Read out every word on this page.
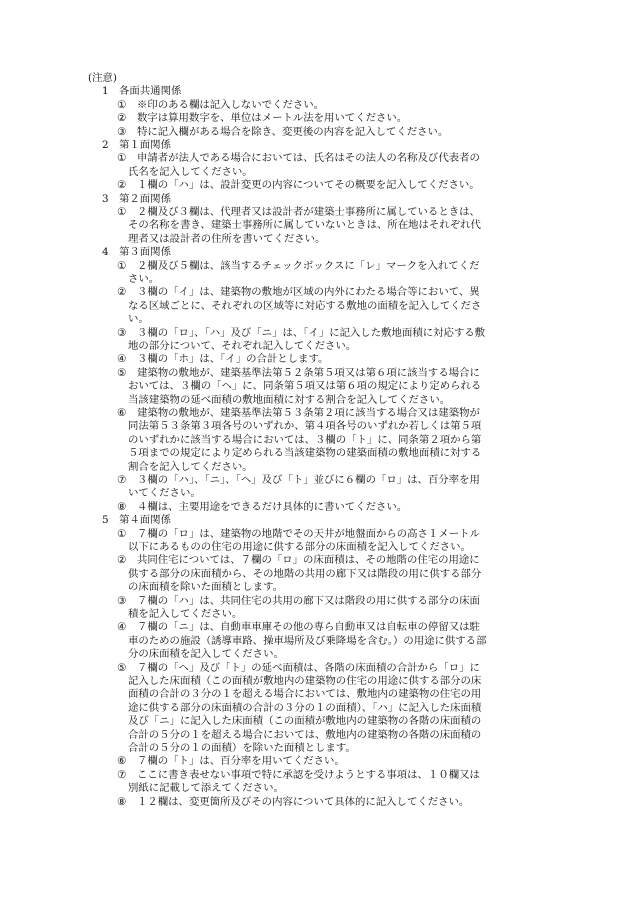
(注意)
1　各面共通関係
① ※印のある欄は記入しないでください。
② 数字は算用数字を、単位はメートル法を用いてください。
③ 特に記入欄がある場合を除き、変更後の内容を記入してください。
2　第１面関係
① 申請者が法人である場合においては、氏名はその法人の名称及び代表者の
氏名を記入してください。
② １欄の「ハ」は、設計変更の内容についてその概要を記入してください。
3　第２面関係
① ２欄及び３欄は、代理者又は設計者が建築士事務所に属しているときは、
その名称を書き、建築士事務所に属していないときは、所在地はそれぞれ代
理者又は設計者の住所を書いてください。
4　第３面関係
① ２欄及び５欄は、該当するチェックボックスに「レ」マークを入れてくだ
さい。
② ３欄の「イ」は、建築物の敷地が区域の内外にわたる場合等において、異
なる区域ごとに、それぞれの区域等に対応する敷地の面積を記入してくださ
い。
③ ３欄の「ロ」、「ハ」及び「ニ」は、「イ」に記入した敷地面積に対応する敷
地の部分について、それぞれ記入してください。
④ ３欄の「ホ」は、「イ」の合計とします。
⑤ 建築物の敷地が、建築基準法第５２条第５項又は第６項に該当する場合に
おいては、３欄の「ヘ」に、同条第５項又は第６項の規定により定められる
当該建築物の延べ面積の敷地面積に対する割合を記入してください。
⑥ 建築物の敷地が、建築基準法第５３条第２項に該当する場合又は建築物が
同法第５３条第３項各号のいずれか、第４項各号のいずれか若しくは第５項
のいずれかに該当する場合においては、３欄の「ト」に、同条第２項から第
５項までの規定により定められる当該建築物の建築面積の敷地面積に対する
割合を記入してください。
⑦ ３欄の「ハ」、「ニ」、「ヘ」及び「ト」並びに６欄の「ロ」は、百分率を用
いてください。
⑧ ４欄は、主要用途をできるだけ具体的に書いてください。
5　第４面関係
① ７欄の「ロ」は、建築物の地階でその天井が地盤面からの高さ１メートル
以下にあるものの住宅の用途に供する部分の床面積を記入してください。
② 共同住宅については、７欄の「ロ」の床面積は、その地階の住宅の用途に
供する部分の床面積から、その地階の共用の廊下又は階段の用に供する部分
の床面積を除いた面積とします。
③ ７欄の「ハ」は、共同住宅の共用の廊下又は階段の用に供する部分の床面
積を記入してください。
④ ７欄の「ニ」は、自動車車庫その他の専ら自動車又は自転車の停留又は駐
車のための施設（誘導車路、操車場所及び乗降場を含む。）の用途に供する部
分の床面積を記入してください。
⑤ ７欄の「ヘ」及び「ト」の延べ面積は、各階の床面積の合計から「ロ」に
記入した床面積（この面積が敷地内の建築物の住宅の用途に供する部分の床
面積の合計の３分の１を超える場合においては、敷地内の建築物の住宅の用
途に供する部分の床面積の合計の３分の１の面積）、「ハ」に記入した床面積
及び「ニ」に記入した床面積（この面積が敷地内の建築物の各階の床面積の
合計の５分の１を超える場合においては、敷地内の建築物の各階の床面積の
合計の５分の１の面積）を除いた面積とします。
⑥ ７欄の「ト」は、百分率を用いてください。
⑦ ここに書き表せない事項で特に承認を受けようとする事項は、１０欄又は
別紙に記載して添えてください。
⑧ １２欄は、変更箇所及びその内容について具体的に記入してください。
